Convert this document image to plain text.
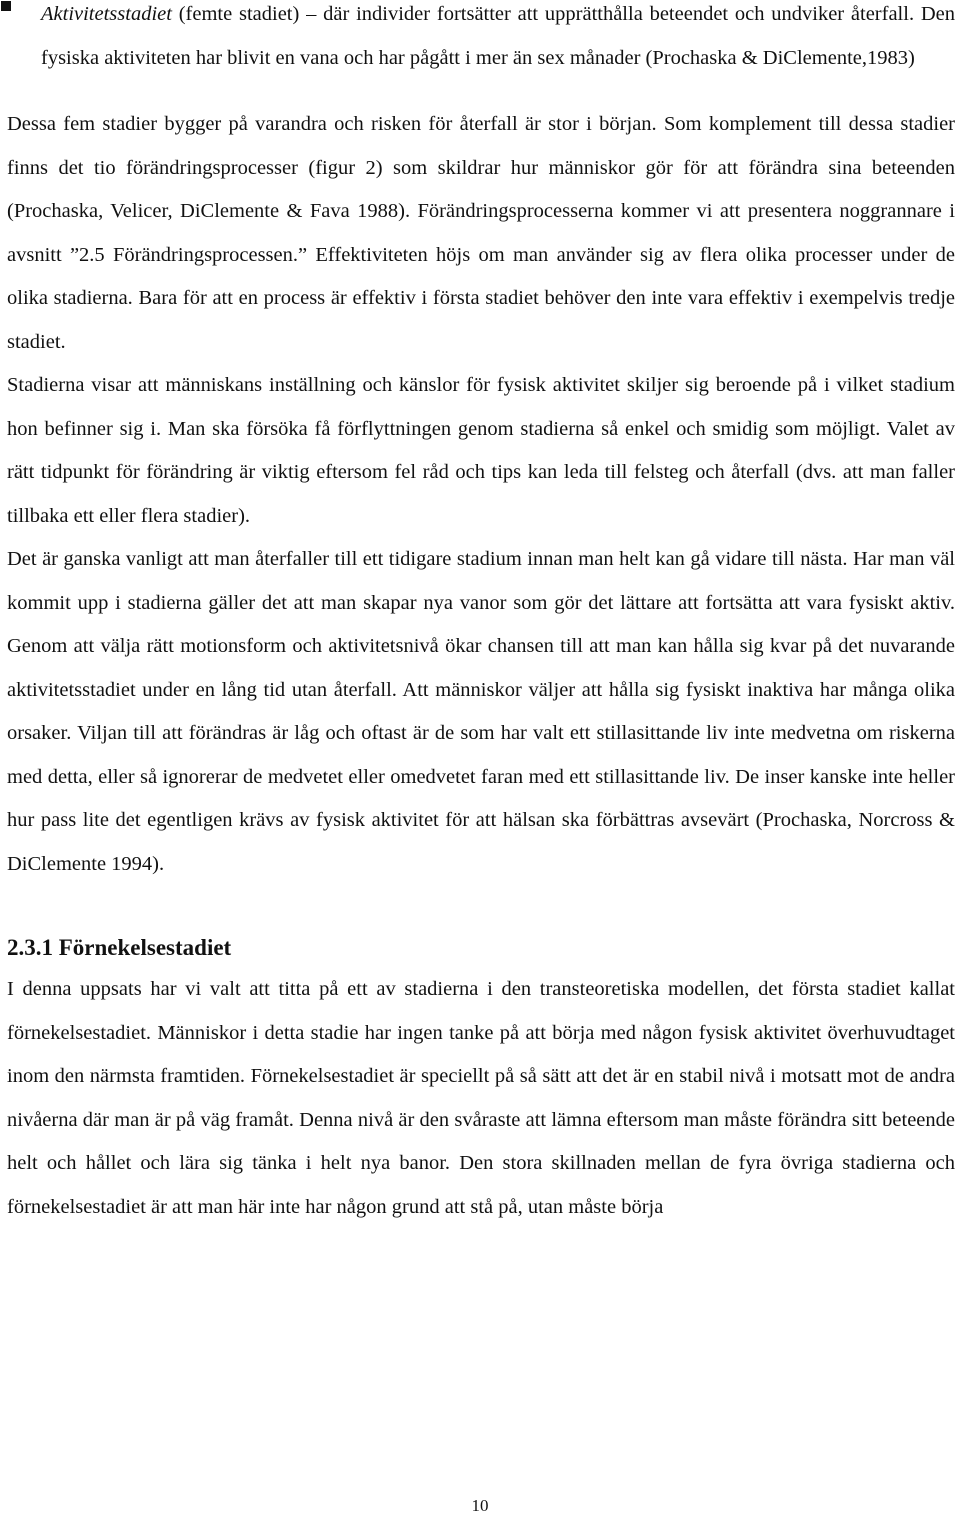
Aktivitetsstadiet (femte stadiet) – där individer fortsätter att upprätthålla beteendet och undviker återfall. Den fysiska aktiviteten har blivit en vana och har pågått i mer än sex månader (Prochaska & DiClemente,1983)

Dessa fem stadier bygger på varandra och risken för återfall är stor i början. Som komplement till dessa stadier finns det tio förändringsprocesser (figur 2) som skildrar hur människor gör för att förändra sina beteenden (Prochaska, Velicer, DiClemente & Fava 1988). Förändringsprocesserna kommer vi att presentera noggrannare i avsnitt ”2.5 Förändringsprocessen.” Effektiviteten höjs om man använder sig av flera olika processer under de olika stadierna. Bara för att en process är effektiv i första stadiet behöver den inte vara effektiv i exempelvis tredje stadiet.

Stadierna visar att människans inställning och känslor för fysisk aktivitet skiljer sig beroende på i vilket stadium hon befinner sig i. Man ska försöka få förflyttningen genom stadierna så enkel och smidig som möjligt. Valet av rätt tidpunkt för förändring är viktig eftersom fel råd och tips kan leda till felsteg och återfall (dvs. att man faller tillbaka ett eller flera stadier).

Det är ganska vanligt att man återfaller till ett tidigare stadium innan man helt kan gå vidare till nästa. Har man väl kommit upp i stadierna gäller det att man skapar nya vanor som gör det lättare att fortsätta att vara fysiskt aktiv. Genom att välja rätt motionsform och aktivitetsnivå ökar chansen till att man kan hålla sig kvar på det nuvarande aktivitetsstadiet under en lång tid utan återfall. Att människor väljer att hålla sig fysiskt inaktiva har många olika orsaker. Viljan till att förändras är låg och oftast är de som har valt ett stillasittande liv inte medvetna om riskerna med detta, eller så ignorerar de medvetet eller omedvetet faran med ett stillasittande liv. De inser kanske inte heller hur pass lite det egentligen krävs av fysisk aktivitet för att hälsan ska förbättras avsevärt (Prochaska, Norcross & DiClemente 1994).

2.3.1 Förnekelsestadiet

I denna uppsats har vi valt att titta på ett av stadierna i den transteoretiska modellen, det första stadiet kallat förnekelsestadiet. Människor i detta stadie har ingen tanke på att börja med någon fysisk aktivitet överhuvudtaget inom den närmsta framtiden. Förnekelsestadiet är speciellt på så sätt att det är en stabil nivå i motsatt mot de andra nivåerna där man är på väg framåt. Denna nivå är den svåraste att lämna eftersom man måste förändra sitt beteende helt och hållet och lära sig tänka i helt nya banor. Den stora skillnaden mellan de fyra övriga stadierna och förnekelsestadiet är att man här inte har någon grund att stå på, utan måste börja

10
